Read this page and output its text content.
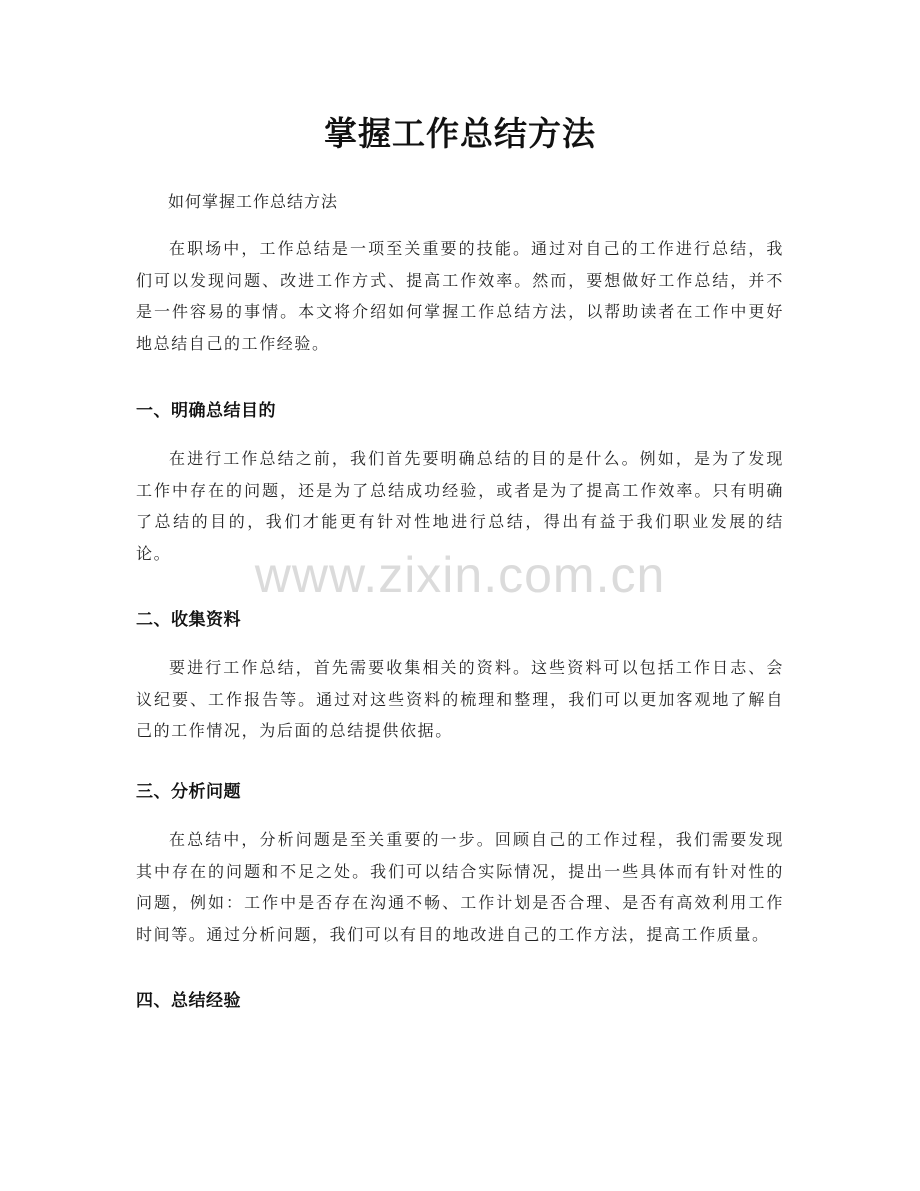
掌握工作总结方法
如何掌握工作总结方法

在职场中，工作总结是一项至关重要的技能。通过对自己的工作进行总结，我们可以发现问题、改进工作方式、提高工作效率。然而，要想做好工作总结，并不是一件容易的事情。本文将介绍如何掌握工作总结方法，以帮助读者在工作中更好地总结自己的工作经验。

一、明确总结目的

在进行工作总结之前，我们首先要明确总结的目的是什么。例如，是为了发现工作中存在的问题，还是为了总结成功经验，或者是为了提高工作效率。只有明确了总结的目的，我们才能更有针对性地进行总结，得出有益于我们职业发展的结论。

二、收集资料

要进行工作总结，首先需要收集相关的资料。这些资料可以包括工作日志、会议纪要、工作报告等。通过对这些资料的梳理和整理，我们可以更加客观地了解自己的工作情况，为后面的总结提供依据。

三、分析问题

在总结中，分析问题是至关重要的一步。回顾自己的工作过程，我们需要发现其中存在的问题和不足之处。我们可以结合实际情况，提出一些具体而有针对性的问题，例如：工作中是否存在沟通不畅、工作计划是否合理、是否有高效利用工作时间等。通过分析问题，我们可以有目的地改进自己的工作方法，提高工作质量。

四、总结经验
www.zixin.com.cn
